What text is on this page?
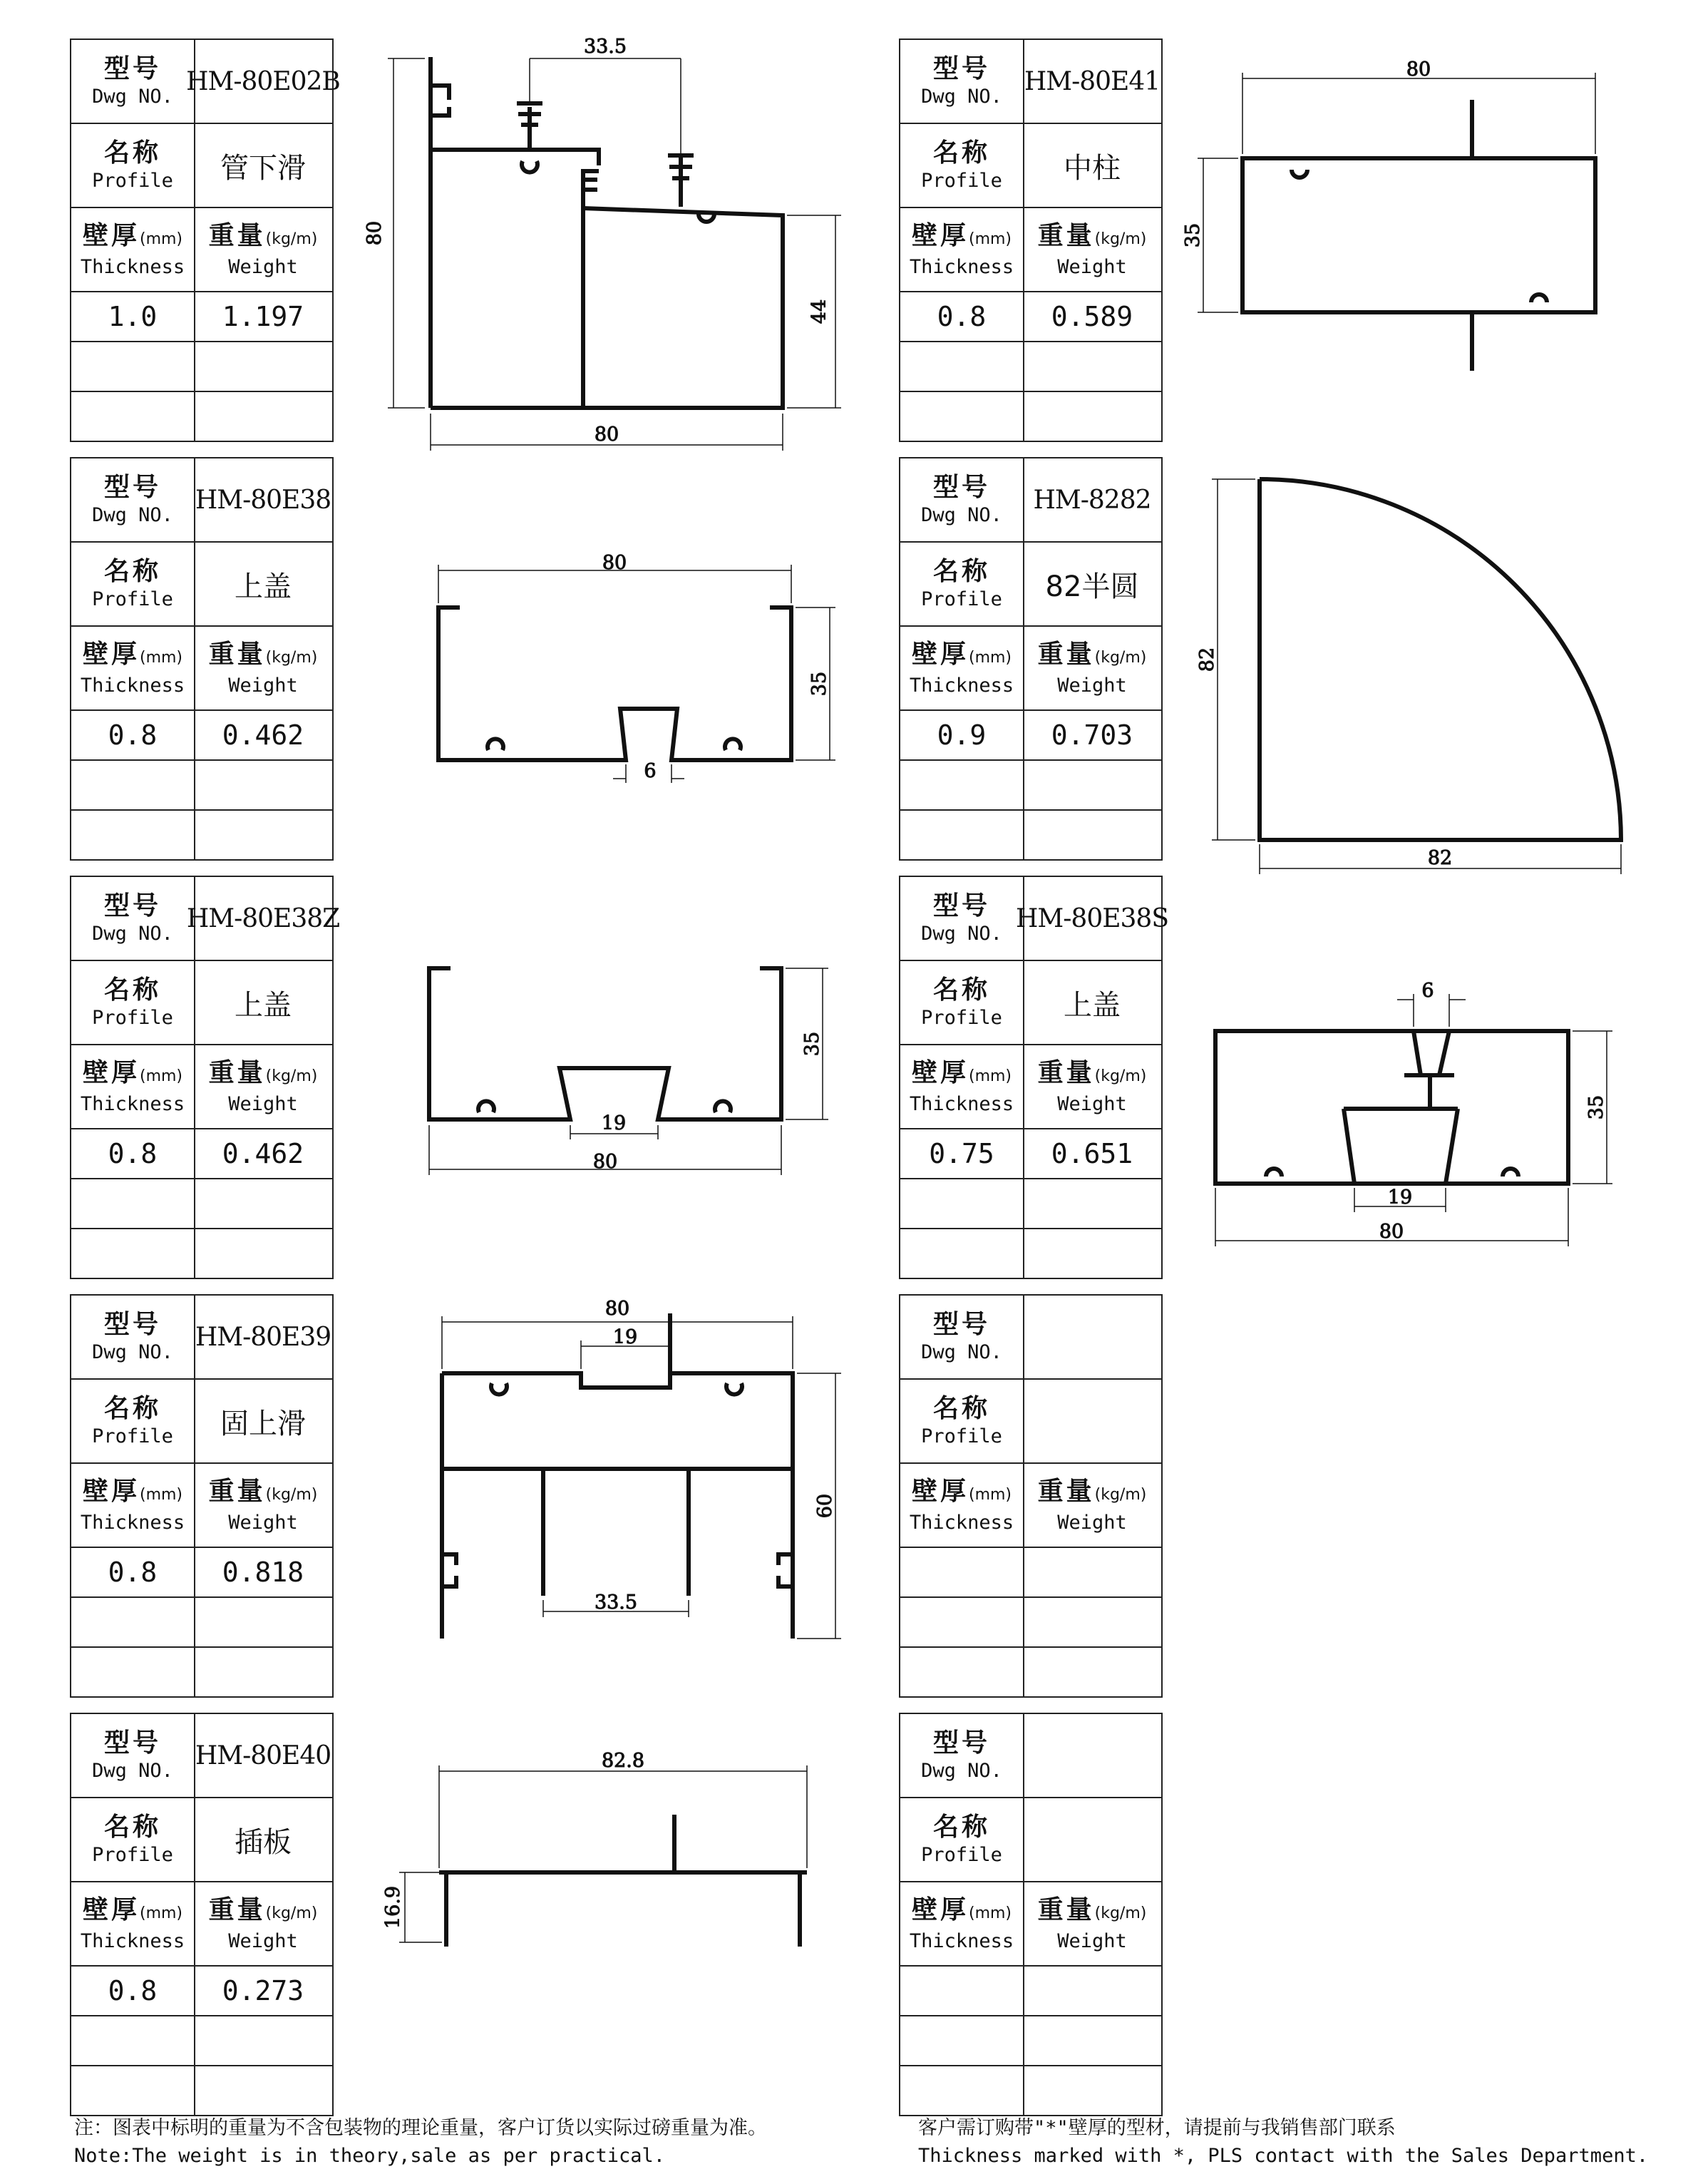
型号
Dwg NO.
HM-80E02B
名称
Profile 管下滑
壁厚(mm)
Thickness
重量(kg/m)
Weight
1.0 1.197
型号
Dwg NO.
HM-80E38
名称
Profile 上盖
壁厚(mm)
Thickness
重量(kg/m)
Weight
0.8 0.462
型号
Dwg NO.
HM-80E38Z
名称
Profile 上盖
壁厚(mm)
Thickness
重量(kg/m)
Weight
0.8 0.462
型号
Dwg NO.
HM-80E39
名称
Profile 固上滑
壁厚(mm)
Thickness
重量(kg/m)
Weight
0.8 0.818
型号
Dwg NO.
HM-80E40
名称
Profile 插板
壁厚(mm)
Thickness
重量(kg/m)
Weight
0.8 0.273
型号
Dwg NO.
HM-80E41
名称
Profile 中柱
壁厚(mm)
Thickness
重量(kg/m)
Weight
0.8 0.589
型号
Dwg NO.
HM-8282
名称
Profile 82半圆
壁厚(mm)
Thickness
重量(kg/m)
Weight
0.9 0.703
型号
Dwg NO.
HM-80E38S
名称
Profile 上盖
壁厚(mm)
Thickness
重量(kg/m)
Weight
0.75 0.651
型号
Dwg NO.
名称
Profile
壁厚(mm)
Thickness
重量(kg/m)
Weight
型号
Dwg NO.
名称
Profile
壁厚(mm)
Thickness
重量(kg/m)
Weight
33.5
80
44
80
80
35
6
35
19
80
80
19
60
33.5
82.8
16.9
80
35
82
82
6
35
19
80
注：图表中标明的重量为不含包装物的理论重量，客户订货以实际过磅重量为准。
Note:The weight is in theory,sale as per practical.
客户需订购带"*"壁厚的型材，请提前与我销售部门联系
Thickness marked with *, PLS contact with the Sales Department.
